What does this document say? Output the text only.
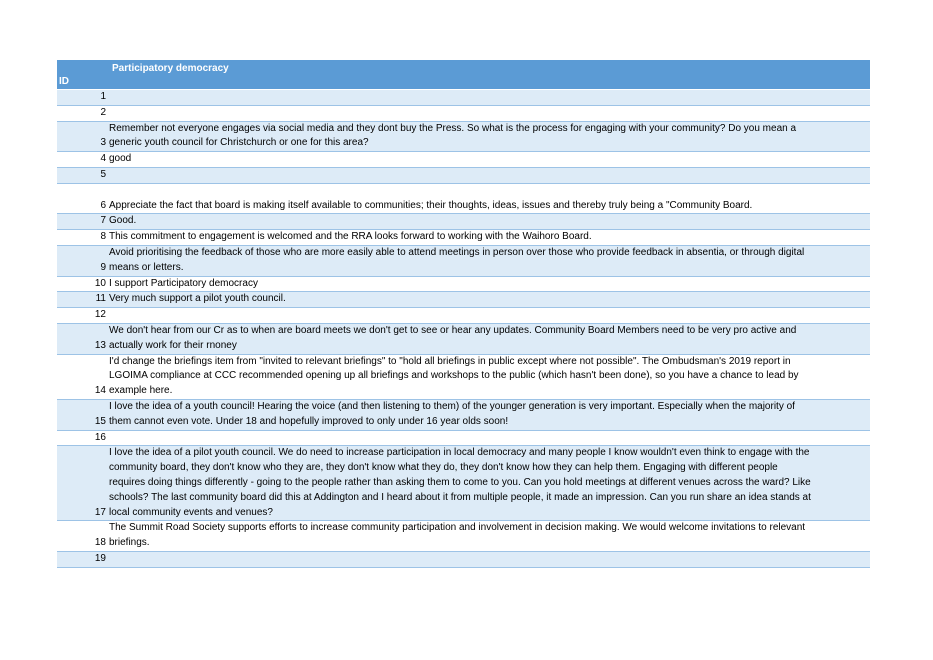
Participatory democracy
ID
1

2

3
Remember not everyone engages via social media and they dont buy the Press. So what is the process for engaging with your community? Do you mean a
generic youth council for Christchurch or one for this area?
4 good
5

6
Appreciate the fact that board is making itself available to communities; their thoughts, ideas, issues and thereby truly being a "Community Board.
7 Good.
8 This commitment to engagement is welcomed and the RRA looks forward to working with the Waihoro Board.
9
Avoid prioritising the feedback of those who are more easily able to attend meetings in person over those who provide feedback in absentia, or through digital
means or letters.
10 I support Participatory democracy
11 Very much support a pilot youth council.
12

13
We don't hear from our Cr as to when are board meets we don't get to see or hear any updates. Community Board Members need to be very pro active and
actually work for their rnoney
14
I'd change the briefings item from "invited to relevant briefings" to "hold all briefings in public except where not possible". The Ombudsman's 2019 report in
LGOIMA compliance at CCC recommended opening up all briefings and workshops to the public (which hasn't been done), so you have a chance to lead by
example here.
15
I love the idea of a youth council! Hearing the voice (and then listening to them) of the younger generation is very important. Especially when the majority of
them cannot even vote. Under 18 and hopefully improved to only under 16 year olds soon!
16

17
I love the idea of a pilot youth council. We do need to increase participation in local democracy and many people I know wouldn't even think to engage with the
community board, they don't know who they are, they don't know what they do, they don't know how they can help them. Engaging with different people
requires doing things differently - going to the people rather than asking them to come to you. Can you hold meetings at different venues across the ward? Like
schools? The last community board did this at Addington and I heard about it from multiple people, it made an impression. Can you run share an idea stands at
local community events and venues?
18
The Summit Road Society supports efforts to increase community participation and involvement in decision making. We would welcome invitations to relevant
briefings.
19
